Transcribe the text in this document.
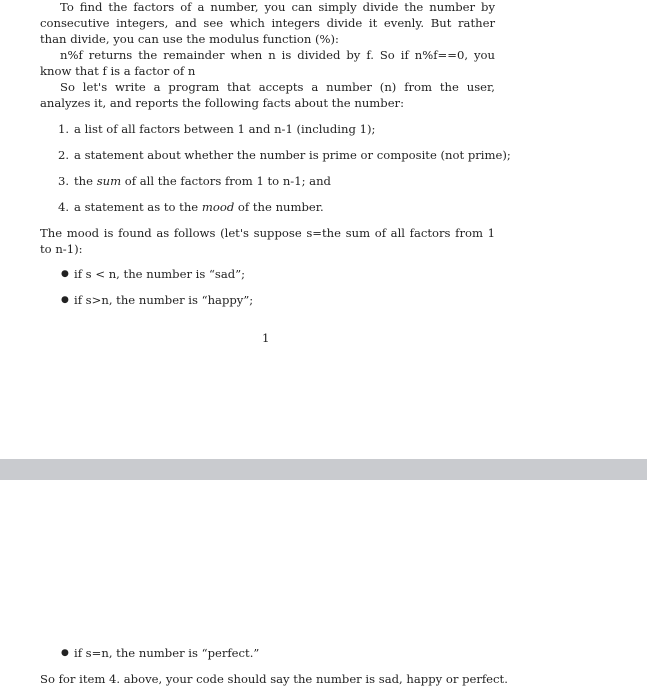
To find the factors of a number, you can simply divide the number by consecutive integers, and see which integers divide it evenly. But rather than divide, you can use the modulus function (%):

n%f returns the remainder when n is divided by f. So if n%f==0, you know that f is a factor of n

So let's write a program that accepts a number (n) from the user, analyzes it, and reports the following facts about the number:

1. a list of all factors between 1 and n-1 (including 1);
2. a statement about whether the number is prime or composite (not prime);
3. the sum of all the factors from 1 to n-1; and
4. a statement as to the mood of the number.

The mood is found as follows (let's suppose s=the sum of all factors from 1 to n-1):

● if s < n, the number is “sad”;
● if s>n, the number is “happy”;
1
● if s=n, the number is “perfect.”
So for item 4. above, your code should say the number is sad, happy or perfect.
